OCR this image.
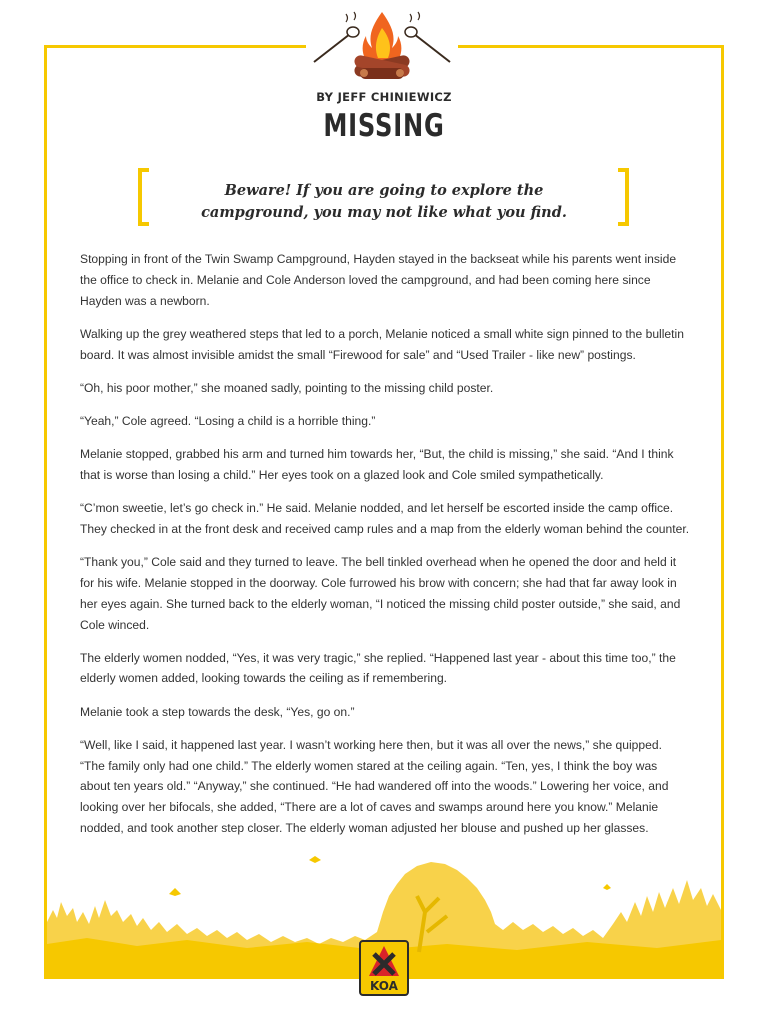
BY JEFF CHINIEWICZ
MISSING
Beware! If you are going to explore the
campground, you may not like what you find.

Stopping in front of the Twin Swamp Campground, Hayden stayed in the backseat while his parents went inside the office to check in. Melanie and Cole Anderson loved the campground, and had been coming here since Hayden was a newborn.

Walking up the grey weathered steps that led to a porch, Melanie noticed a small white sign pinned to the bulletin board. It was almost invisible amidst the small “Firewood for sale” and “Used Trailer - like new” postings.

“Oh, his poor mother,” she moaned sadly, pointing to the missing child poster.

“Yeah,” Cole agreed. “Losing a child is a horrible thing.”

Melanie stopped, grabbed his arm and turned him towards her, “But, the child is missing,” she said. “And I think that is worse than losing a child.” Her eyes took on a glazed look and Cole smiled sympathetically.

“C’mon sweetie, let’s go check in.” He said. Melanie nodded, and let herself be escorted inside the camp office. They checked in at the front desk and received camp rules and a map from the elderly woman behind the counter.

“Thank you,” Cole said and they turned to leave. The bell tinkled overhead when he opened the door and held it for his wife. Melanie stopped in the doorway. Cole furrowed his brow with concern; she had that far away look in her eyes again. She turned back to the elderly woman, “I noticed the missing child poster outside,” she said, and Cole winced.

The elderly women nodded, “Yes, it was very tragic,” she replied. “Happened last year - about this time too,” the elderly women added, looking towards the ceiling as if remembering.

Melanie took a step towards the desk, “Yes, go on.”

“Well, like I said, it happened last year. I wasn’t working here then, but it was all over the news,” she quipped. “The family only had one child.” The elderly women stared at the ceiling again. “Ten, yes, I think the boy was about ten years old.” “Anyway,” she continued. “He had wandered off into the woods.” Lowering her voice, and looking over her bifocals, she added, “There are a lot of caves and swamps around here you know.” Melanie nodded, and took another step closer. The elderly woman adjusted her blouse and pushed up her glasses.

KOA
